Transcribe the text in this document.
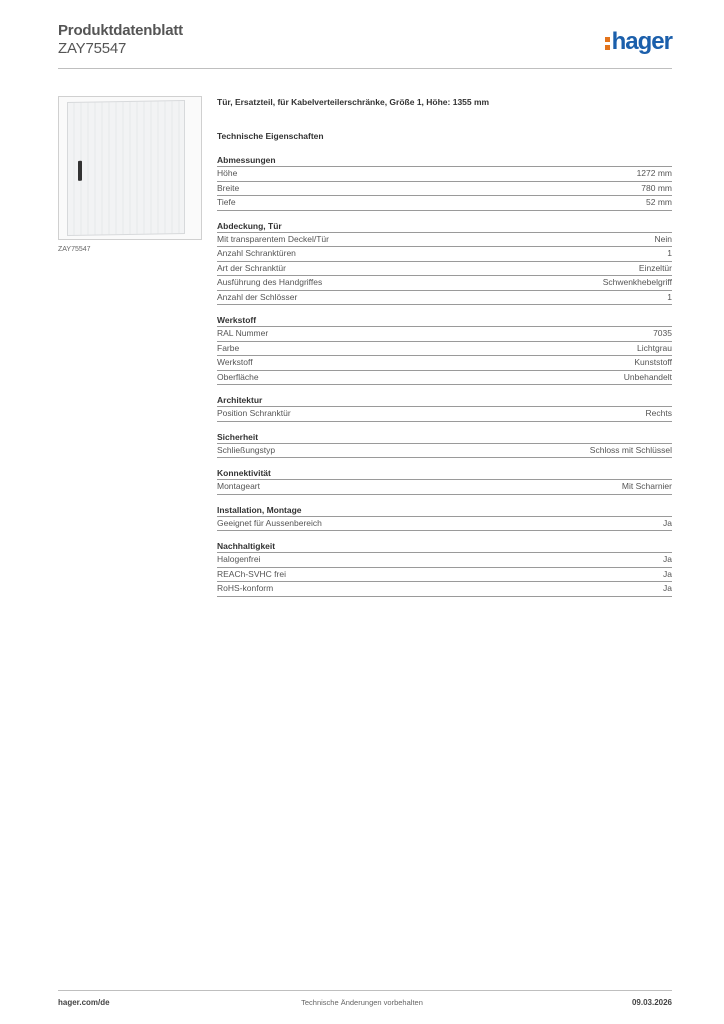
Produktdatenblatt
ZAY75547	hager
ZAY75547
Tür, Ersatzteil, für Kabelverteilerschränke, Größe 1, Höhe: 1355 mm
Technische Eigenschaften
Abmessungen
Höhe	1272 mm
Breite	780 mm
Tiefe	52 mm
Abdeckung, Tür
Mit transparentem Deckel/Tür	Nein
Anzahl Schranktüren	1
Art der Schranktür	Einzeltür
Ausführung des Handgriffes	Schwenkhebelgriff
Anzahl der Schlösser	1
Werkstoff
RAL Nummer	7035
Farbe	Lichtgrau
Werkstoff	Kunststoff
Oberfläche	Unbehandelt
Architektur
Position Schranktür	Rechts
Sicherheit
Schließungstyp	Schloss mit Schlüssel
Konnektivität
Montageart	Mit Scharnier
Installation, Montage
Geeignet für Aussenbereich	Ja
Nachhaltigkeit
Halogenfrei	Ja
REACh-SVHC frei	Ja
RoHS-konform	Ja
hager.com/de	Technische Änderungen vorbehalten	09.03.2026
